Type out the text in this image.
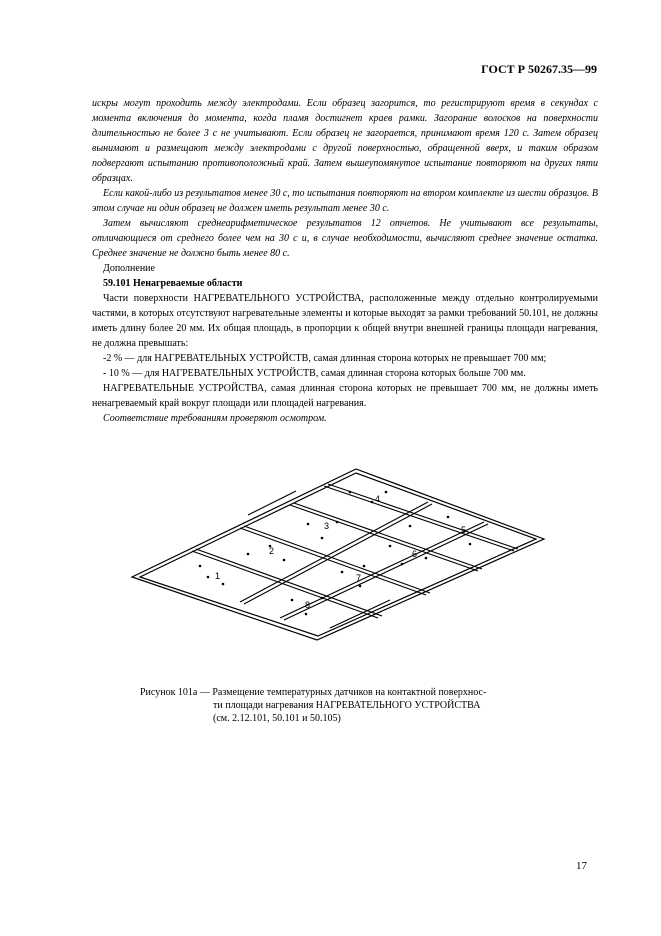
ГОСТ Р 50267.35—99

искры могут проходить между электродами. Если образец загорится, то регистрируют время в секундах с момента включения до момента, когда пламя достигнет краев рамки. Загорание волосков на поверхности длительностью не более 3 с не учитывают. Если образец не загорается, принимают время 120 с. Затем образец вынимают и размещают между электродами с другой поверхностью, обращенной вверх, и таким образом подвергают испытанию противоположный край. Затем вышеупомянутое испытание повторяют на других пяти образцах.

Если какой-либо из результатов менее 30 с, то испытания повторяют на втором комплекте из шести образцов. В этом случае ни один образец не должен иметь результат менее 30 с.

Затем вычисляют среднеарифметическое результатов 12 отчетов. Не учитывают все результаты, отличающиеся от среднего более чем на 30 с и, в случае необходимости, вычисляют среднее значение остатка. Среднее значение не должно быть менее 80 с.

Дополнение

59.101 Ненагреваемые области

Части поверхности НАГРЕВАТЕЛЬНОГО УСТРОЙСТВА, расположенные между отдельно контролируемыми частями, в которых отсутствуют нагревательные элементы и которые выходят за рамки требований 50.101, не должны иметь длину более 20 мм. Их общая площадь, в пропорции к общей внутри внешней границы площади нагревания, не должна превышать:

-2 % — для НАГРЕВАТЕЛЬНЫХ УСТРОЙСТВ, самая длинная сторона которых не превышает 700 мм;

- 10 % — для НАГРЕВАТЕЛЬНЫХ УСТРОЙСТВ, самая длинная сторона которых больше 700 мм.

НАГРЕВАТЕЛЬНЫЕ УСТРОЙСТВА, самая длинная сторона которых не превышает 700 мм, не должны иметь ненагреваемый край вокруг площади или площадей нагревания.

Соответствие требованиям проверяют осмотром.

1
2
3
4
5
6
7
8
Рисунок 101а — Размещение температурных датчиков на контактной поверхнос-
ти площади нагревания НАГРЕВАТЕЛЬНОГО УСТРОЙСТВА
(см. 2.12.101, 50.101 и 50.105)
17
